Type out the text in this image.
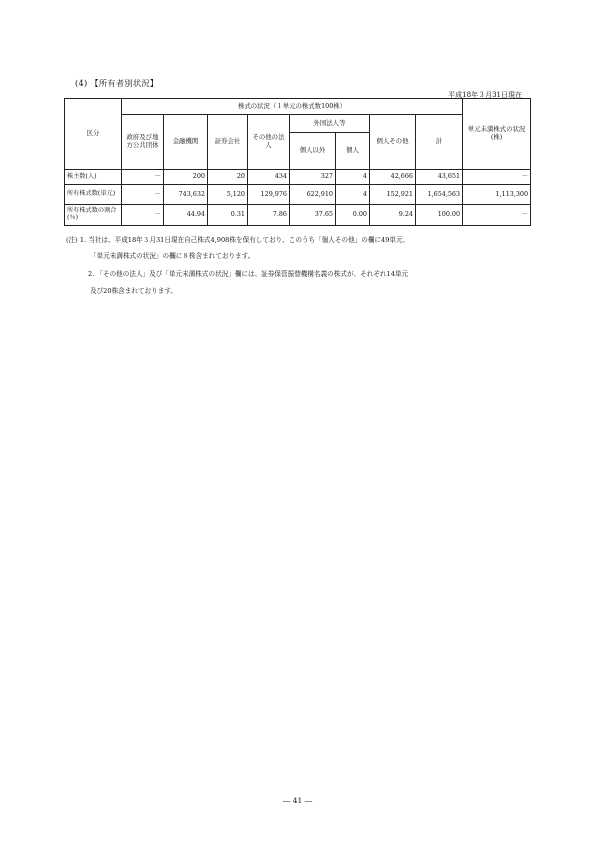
(4) 【所有者別状況】
平成18年３月31日現在
区分	株式の状況（１単元の株式数100株）								単元未満株式の状況(株)
	政府及び地方公共団体	金融機関	証券会社	その他の法人	外国法人等		個人その他	計	
					個人以外	個人			
株主数(人)	－	200	20	434	327	4	42,666	43,651	－
所有株式数(単元)	－	743,632	5,120	129,976	622,910	4	152,921	1,654,563	1,113,300
所有株式数の割合(％)	－	44.94	0.31	7.86	37.65	0.00	9.24	100.00	－
(注) 1. 当社は、平成18年３月31日現在自己株式4,908株を保有しており、このうち「個人その他」の欄に49単元、
「単元未満株式の状況」の欄に８株含まれております。
2. 「その他の法人」及び「単元未満株式の状況」欄には、証券保管振替機構名義の株式が、それぞれ14単元
及び20株含まれております。
― 41 ―
